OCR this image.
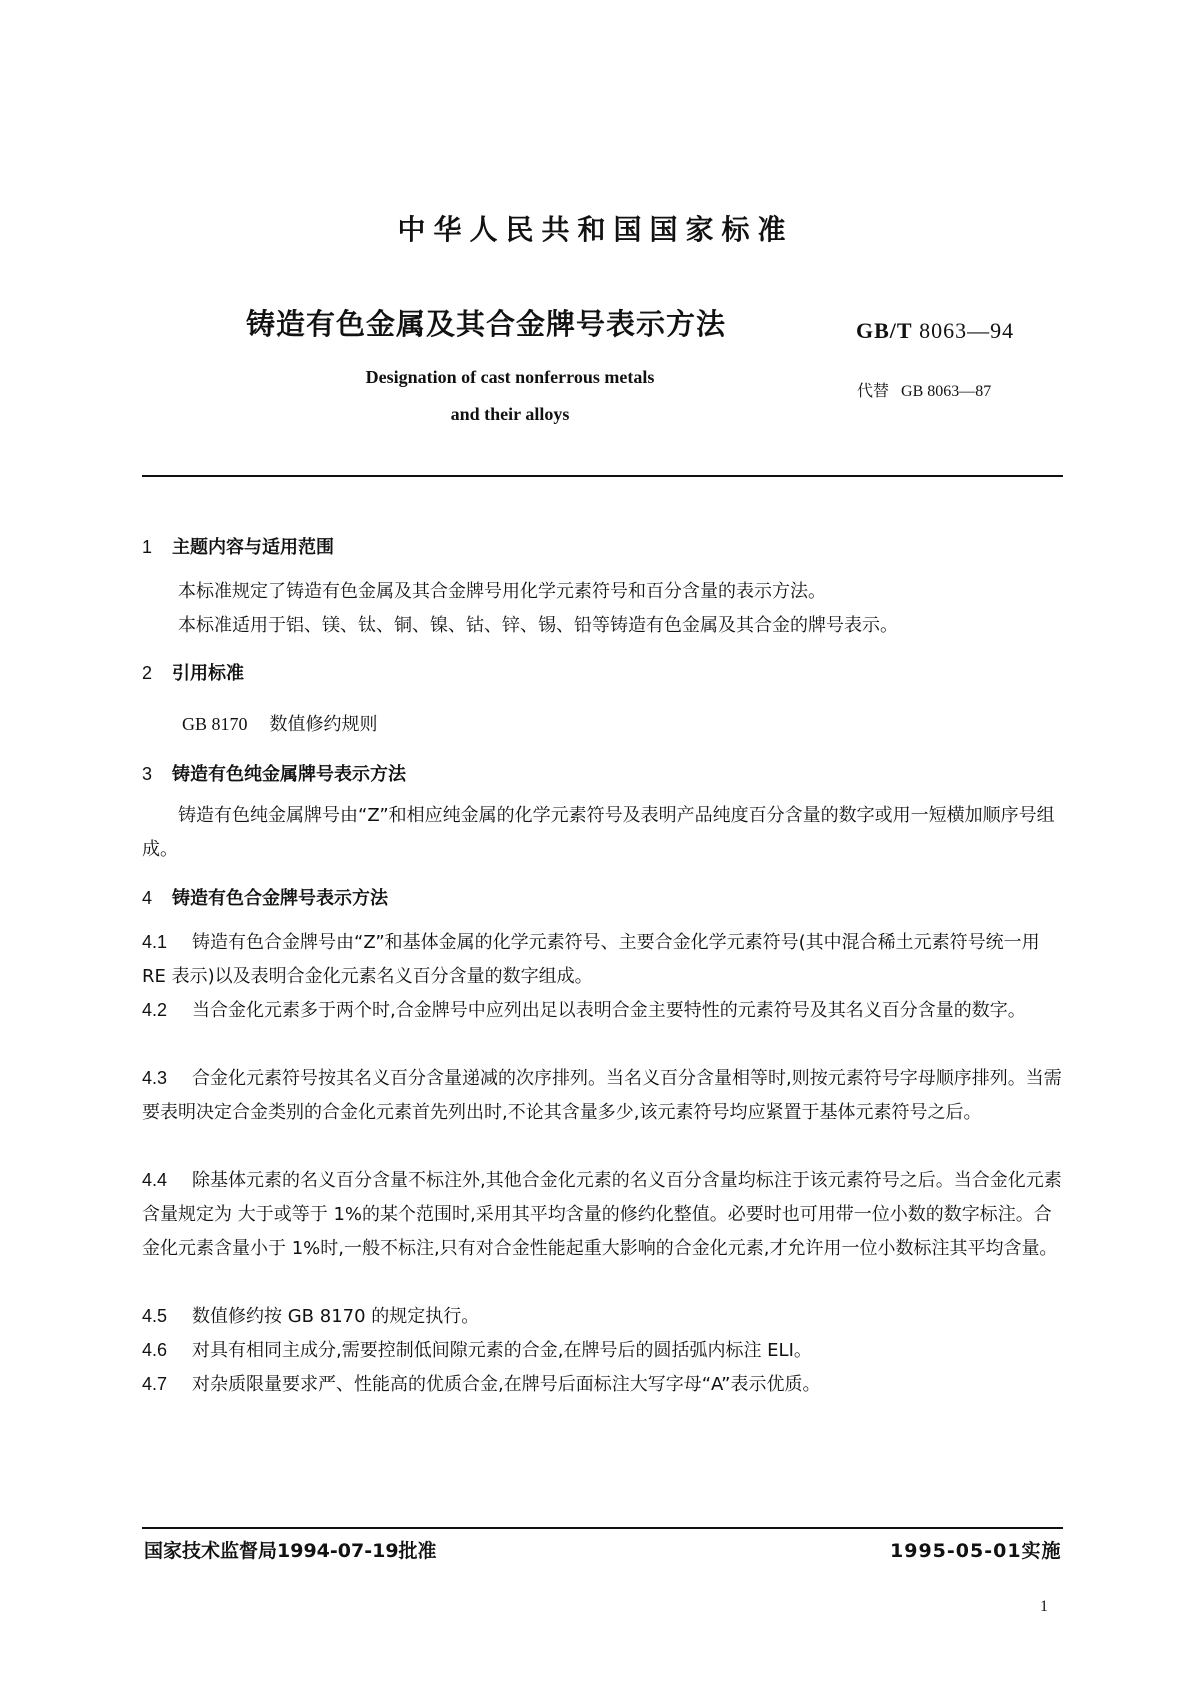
中华人民共和国国家标准
铸造有色金属及其合金牌号表示方法	GB/T 8063—94
代替 GB 8063—87
Designation of cast nonferrous metals
and their alloys
1 主题内容与适用范围
本标准规定了铸造有色金属及其合金牌号用化学元素符号和百分含量的表示方法。
本标准适用于铝、镁、钛、铜、镍、钴、锌、锡、铅等铸造有色金属及其合金的牌号表示。
2 引用标准
GB 8170 数值修约规则
3 铸造有色纯金属牌号表示方法
铸造有色纯金属牌号由“Z”和相应纯金属的化学元素符号及表明产品纯度百分含量的数字或用一短横加顺序号组成。
4 铸造有色合金牌号表示方法
4.1 铸造有色合金牌号由“Z”和基体金属的化学元素符号、主要合金化学元素符号(其中混合稀土元素符号统一用 RE 表示)以及表明合金化元素名义百分含量的数字组成。
4.2 当合金化元素多于两个时,合金牌号中应列出足以表明合金主要特性的元素符号及其名义百分含量的数字。
4.3 合金化元素符号按其名义百分含量递减的次序排列。当名义百分含量相等时,则按元素符号字母顺序排列。当需要表明决定合金类别的合金化元素首先列出时,不论其含量多少,该元素符号均应紧置于基体元素符号之后。
4.4 除基体元素的名义百分含量不标注外,其他合金化元素的名义百分含量均标注于该元素符号之后。当合金化元素含量规定为 大于或等于 1%的某个范围时,采用其平均含量的修约化整值。必要时也可用带一位小数的数字标注。合金化元素含量小于 1%时,一般不标注,只有对合金性能起重大影响的合金化元素,才允许用一位小数标注其平均含量。
4.5 数值修约按 GB 8170 的规定执行。
4.6 对具有相同主成分,需要控制低间隙元素的合金,在牌号后的圆括弧内标注 ELI。
4.7 对杂质限量要求严、性能高的优质合金,在牌号后面标注大写字母“A”表示优质。
国家技术监督局1994-07-19批准	1995-05-01实施
1
